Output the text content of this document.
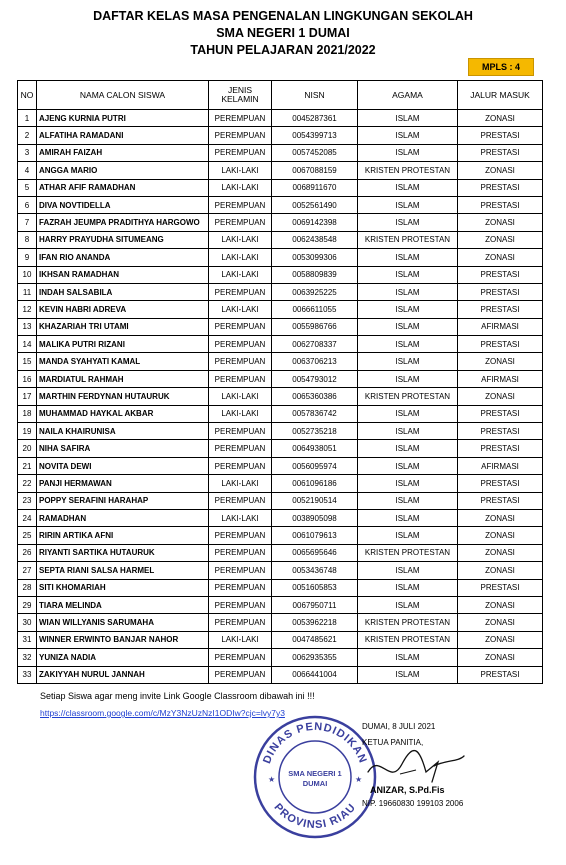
DAFTAR KELAS MASA PENGENALAN LINGKUNGAN SEKOLAH
SMA NEGERI 1 DUMAI
TAHUN PELAJARAN 2021/2022
MPLS : 4
NO	NAMA CALON SISWA	JENIS KELAMIN	NISN	AGAMA	JALUR MASUK
1	AJENG KURNIA PUTRI	PEREMPUAN	0045287361	ISLAM	ZONASI
2	ALFATIHA RAMADANI	PEREMPUAN	0054399713	ISLAM	PRESTASI
3	AMIRAH FAIZAH	PEREMPUAN	0057452085	ISLAM	PRESTASI
4	ANGGA MARIO	LAKI-LAKI	0067088159	KRISTEN PROTESTAN	ZONASI
5	ATHAR AFIF RAMADHAN	LAKI-LAKI	0068911670	ISLAM	PRESTASI
6	DIVA NOVTIDELLA	PEREMPUAN	0052561490	ISLAM	PRESTASI
7	FAZRAH JEUMPA PRADITHYA HARGOWO	PEREMPUAN	0069142398	ISLAM	ZONASI
8	HARRY PRAYUDHA SITUMEANG	LAKI-LAKI	0062438548	KRISTEN PROTESTAN	ZONASI
9	IFAN RIO ANANDA	LAKI-LAKI	0053099306	ISLAM	ZONASI
10	IKHSAN RAMADHAN	LAKI-LAKI	0058809839	ISLAM	PRESTASI
11	INDAH SALSABILA	PEREMPUAN	0063925225	ISLAM	PRESTASI
12	KEVIN HABRI ADREVA	LAKI-LAKI	0066611055	ISLAM	PRESTASI
13	KHAZARIAH TRI UTAMI	PEREMPUAN	0055986766	ISLAM	AFIRMASI
14	MALIKA PUTRI RIZANI	PEREMPUAN	0062708337	ISLAM	PRESTASI
15	MANDA SYAHYATI KAMAL	PEREMPUAN	0063706213	ISLAM	ZONASI
16	MARDIATUL RAHMAH	PEREMPUAN	0054793012	ISLAM	AFIRMASI
17	MARTHIN FERDYNAN HUTAURUK	LAKI-LAKI	0065360386	KRISTEN PROTESTAN	ZONASI
18	MUHAMMAD HAYKAL AKBAR	LAKI-LAKI	0057836742	ISLAM	PRESTASI
19	NAILA KHAIRUNISA	PEREMPUAN	0052735218	ISLAM	PRESTASI
20	NIHA SAFIRA	PEREMPUAN	0064938051	ISLAM	PRESTASI
21	NOVITA DEWI	PEREMPUAN	0056095974	ISLAM	AFIRMASI
22	PANJI HERMAWAN	LAKI-LAKI	0061096186	ISLAM	PRESTASI
23	POPPY SERAFINI HARAHAP	PEREMPUAN	0052190514	ISLAM	PRESTASI
24	RAMADHAN	LAKI-LAKI	0038905098	ISLAM	ZONASI
25	RIRIN ARTIKA AFNI	PEREMPUAN	0061079613	ISLAM	ZONASI
26	RIYANTI SARTIKA HUTAURUK	PEREMPUAN	0065695646	KRISTEN PROTESTAN	ZONASI
27	SEPTA RIANI SALSA HARMEL	PEREMPUAN	0053436748	ISLAM	ZONASI
28	SITI KHOMARIAH	PEREMPUAN	0051605853	ISLAM	PRESTASI
29	TIARA MELINDA	PEREMPUAN	0067950711	ISLAM	ZONASI
30	WIAN WILLYANIS SARUMAHA	PEREMPUAN	0053962218	KRISTEN PROTESTAN	ZONASI
31	WINNER ERWINTO BANJAR NAHOR	LAKI-LAKI	0047485621	KRISTEN PROTESTAN	ZONASI
32	YUNIZA NADIA	PEREMPUAN	0062935355	ISLAM	ZONASI
33	ZAKIYYAH NURUL JANNAH	PEREMPUAN	0066441004	ISLAM	PRESTASI
Setiap Siswa agar meng invite Link Google Classroom dibawah ini !!!
https://classroom.google.com/c/MzY3NzUzNzI1ODIw?cjc=lvy7y3
DINAS PENDIDIKAN
PROVINSI RIAU
SMA NEGERI 1
DUMAI
★	★
DUMAI, 8 JULI 2021
KETUA PANITIA,
ANIZAR, S.Pd.Fis
NIP. 19660830 199103 2006
